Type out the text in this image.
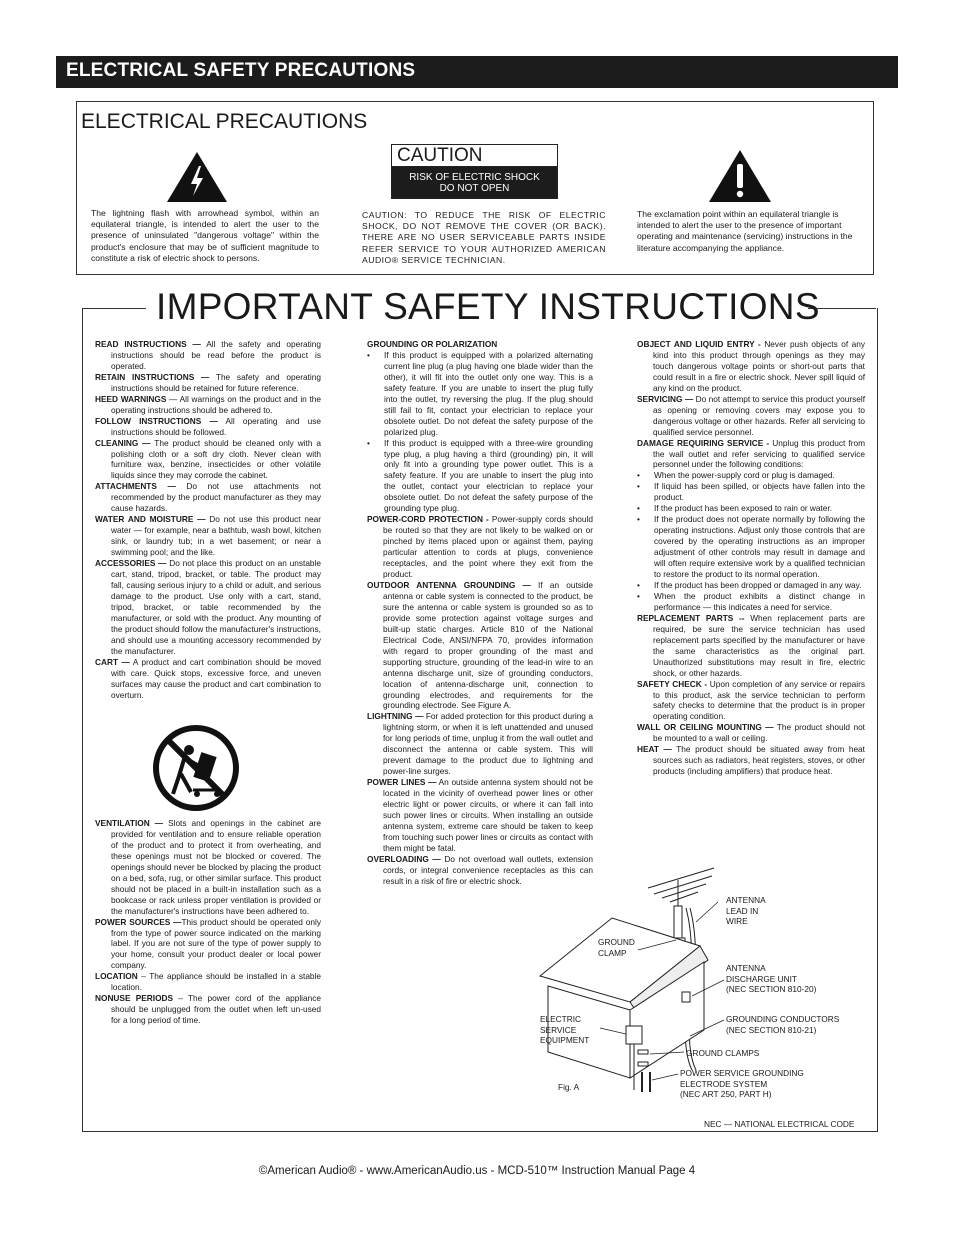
ELECTRICAL SAFETY PRECAUTIONS
ELECTRICAL PRECAUTIONS
The lightning flash with arrowhead symbol, within an equilateral triangle, is intended to alert the user to the presence of uninsulated "dangerous voltage" within the product's enclosure that may be of sufficient magnitude to constitute a risk of electric shock to persons.
CAUTION
RISK OF ELECTRIC SHOCK
DO NOT OPEN
CAUTION: TO REDUCE THE RISK OF ELECTRIC SHOCK, DO NOT REMOVE THE COVER (OR BACK). THERE ARE NO USER SERVICEABLE PARTS INSIDE REFER SERVICE TO YOUR AUTHORIZED AMERICAN AUDIO® SERVICE TECHNICIAN.
The exclamation point within an equilateral triangle is intended to alert the user to the presence of important operating and maintenance (servicing) instructions in the literature accompanying the appliance.
IMPORTANT SAFETY INSTRUCTIONS

READ INSTRUCTIONS — All the safety and operating instructions should be read before the product is operated.

RETAIN INSTRUCTIONS — The safety and operating instructions should be retained for future reference.

HEED WARNINGS — All warnings on the product and in the operating instructions should be adhered to.

FOLLOW INSTRUCTIONS — All operating and use instructions should be followed.

CLEANING — The product should be cleaned only with a polishing cloth or a soft dry cloth. Never clean with furniture wax, benzine, insecticides or other volatile liquids since they may corrode the cabinet.

ATTACHMENTS — Do not use attachments not recommended by the product manufacturer as they may cause hazards.

WATER AND MOISTURE — Do not use this product near water — for example, near a bathtub, wash bowl, kitchen sink, or laundry tub; in a wet basement; or near a swimming pool; and the like.

ACCESSORIES — Do not place this product on an unstable cart, stand, tripod, bracket, or table. The product may fall, causing serious injury to a child or adult, and serious damage to the product. Use only with a cart, stand, tripod, bracket, or table recommended by the manufacturer, or sold with the product. Any mounting of the product should follow the manufacturer's instructions, and should use a mounting accessory recommended by the manufacturer.

CART — A product and cart combination should be moved with care. Quick stops, excessive force, and uneven surfaces may cause the product and cart combination to overturn.

VENTILATION — Slots and openings in the cabinet are provided for ventilation and to ensure reliable operation of the product and to protect it from overheating, and these openings must not be blocked or covered. The openings should never be blocked by placing the product on a bed, sofa, rug, or other similar surface. This product should not be placed in a built-in installation such as a bookcase or rack unless proper ventilation is provided or the manufacturer's instructions have been adhered to.

POWER SOURCES —This product should be operated only from the type of power source indicated on the marking label. If you are not sure of the type of power supply to your home, consult your product dealer or local power company.

LOCATION – The appliance should be installed in a stable location.

NONUSE PERIODS – The power cord of the appliance should be unplugged from the outlet when left un-used for a long period of time.

GROUNDING OR POLARIZATION

• If this product is equipped with a polarized alternating current line plug (a plug having one blade wider than the other), it will fit into the outlet only one way. This is a safety feature. If you are unable to insert the plug fully into the outlet, try reversing the plug. If the plug should still fail to fit, contact your electrician to replace your obsolete outlet. Do not defeat the safety purpose of the polarized plug.

• If this product is equipped with a three-wire grounding type plug, a plug having a third (grounding) pin, it will only fit into a grounding type power outlet. This is a safety feature. If you are unable to insert the plug into the outlet, contact your electrician to replace your obsolete outlet. Do not defeat the safety purpose of the grounding type plug.

POWER-CORD PROTECTION - Power-supply cords should be routed so that they are not likely to be walked on or pinched by items placed upon or against them, paying particular attention to cords at plugs, convenience receptacles, and the point where they exit from the product.

OUTDOOR ANTENNA GROUNDING — If an outside antenna or cable system is connected to the product, be sure the antenna or cable system is grounded so as to provide some protection against voltage surges and built-up static charges. Article 810 of the National Electrical Code, ANSI/NFPA 70, provides information with regard to proper grounding of the mast and supporting structure, grounding of the lead-in wire to an antenna discharge unit, size of grounding conductors, location of antenna-discharge unit, connection to grounding electrodes, and requirements for the grounding electrode. See Figure A.

LIGHTNING — For added protection for this product during a lightning storm, or when it is left unattended and unused for long periods of time, unplug it from the wall outlet and disconnect the antenna or cable system. This will prevent damage to the product due to lightning and power-line surges.

POWER LINES — An outside antenna system should not be located in the vicinity of overhead power lines or other electric light or power circuits, or where it can fall into such power lines or circuits. When installing an outside antenna system, extreme care should be taken to keep from touching such power lines or circuits as contact with them might be fatal.

OVERLOADING — Do not overload wall outlets, extension cords, or integral convenience receptacles as this can result in a risk of fire or electric shock.

OBJECT AND LIQUID ENTRY - Never push objects of any kind into this product through openings as they may touch dangerous voltage points or short-out parts that could result in a fire or electric shock. Never spill liquid of any kind on the product.

SERVICING — Do not attempt to service this product yourself as opening or removing covers may expose you to dangerous voltage or other hazards. Refer all servicing to qualified service personnel.

DAMAGE REQUIRING SERVICE - Unplug this product from the wall outlet and refer servicing to qualified service personnel under the following conditions:

• When the power-supply cord or plug is damaged.

• If liquid has been spilled, or objects have fallen into the product.

• If the product has been exposed to rain or water.

• If the product does not operate normally by following the operating instructions. Adjust only those controls that are covered by the operating instructions as an improper adjustment of other controls may result in damage and will often require extensive work by a qualified technician to restore the product to its normal operation.

• If the product has been dropped or damaged in any way.

• When the product exhibits a distinct change in performance — this indicates a need for service.

REPLACEMENT PARTS -- When replacement parts are required, be sure the service technician has used replacement parts specified by the manufacturer or have the same characteristics as the original part. Unauthorized substitutions may result in fire, electric shock, or other hazards.

SAFETY CHECK - Upon completion of any service or repairs to this product, ask the service technician to perform safety checks to determine that the product is in proper operating condition.

WALL OR CEILING MOUNTING — The product should not be mounted to a wall or ceiling.

HEAT — The product should be situated away from heat sources such as radiators, heat registers, stoves, or other products (including amplifiers) that produce heat.

ANTENNA
LEAD IN
WIRE
GROUND
CLAMP
ANTENNA
DISCHARGE UNIT
(NEC SECTION 810-20)
ELECTRIC
SERVICE
EQUIPMENT
GROUNDING CONDUCTORS
(NEC SECTION 810-21)
GROUND CLAMPS
POWER SERVICE GROUNDING
ELECTRODE SYSTEM
(NEC ART 250, PART H)
Fig. A
NEC — NATIONAL ELECTRICAL CODE
©American Audio® - www.AmericanAudio.us - MCD-510™ Instruction Manual Page 4
